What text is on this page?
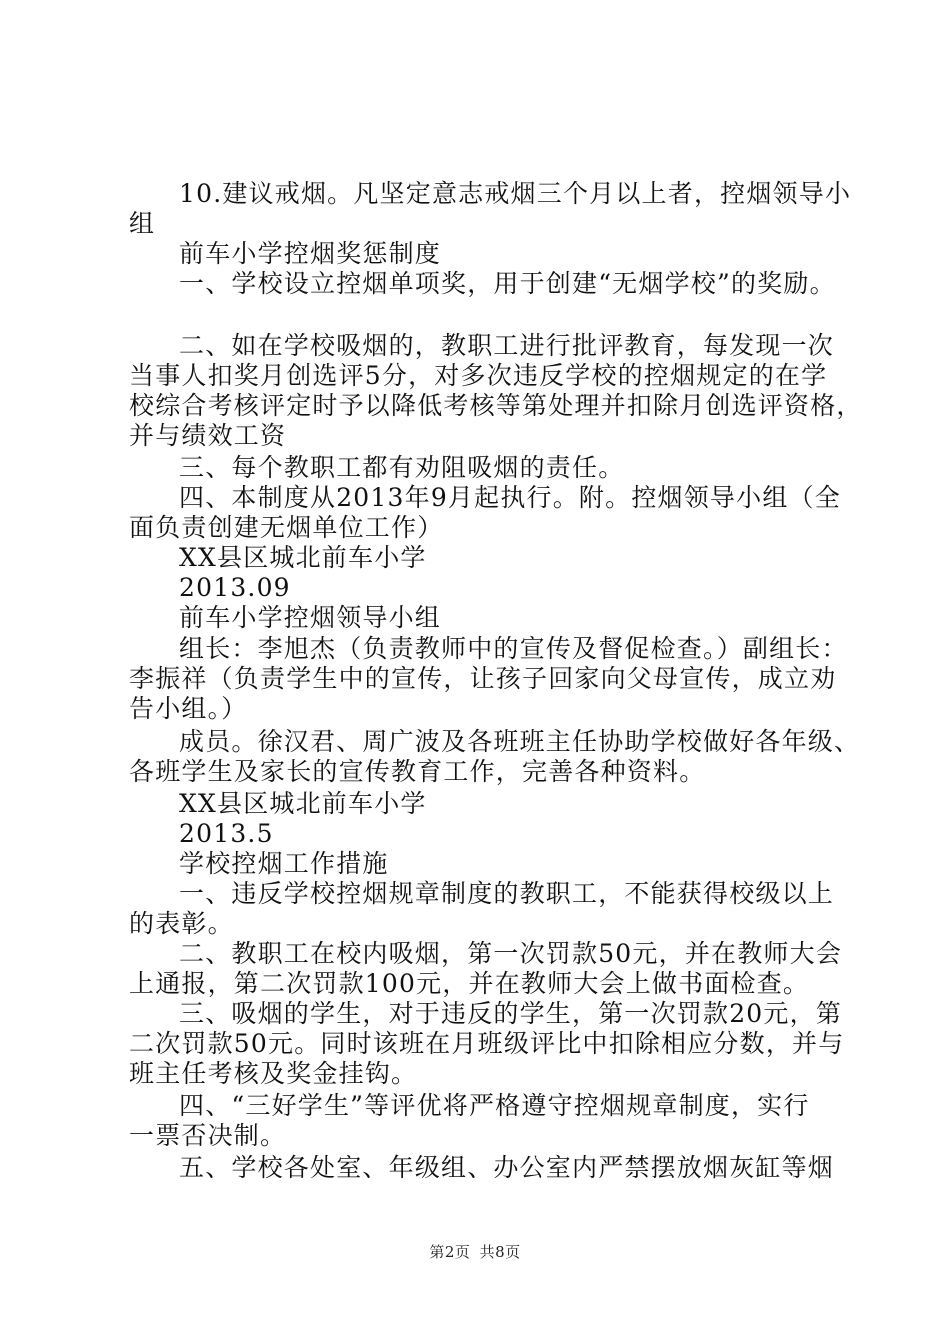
10.建议戒烟。凡坚定意志戒烟三个月以上者，控烟领导小
组
前车小学控烟奖惩制度
一、学校设立控烟单项奖，用于创建“无烟学校”的奖励。
二、如在学校吸烟的，教职工进行批评教育，每发现一次
当事人扣奖月创选评5分，对多次违反学校的控烟规定的在学
校综合考核评定时予以降低考核等第处理并扣除月创选评资格，
并与绩效工资
三、每个教职工都有劝阻吸烟的责任。
四、本制度从2013年9月起执行。附。控烟领导小组（全
面负责创建无烟单位工作）
XX县区城北前车小学
2013.09
前车小学控烟领导小组
组长：李旭杰（负责教师中的宣传及督促检查。）副组长：
李振祥（负责学生中的宣传，让孩子回家向父母宣传，成立劝
告小组。）
成员。徐汉君、周广波及各班班主任协助学校做好各年级、
各班学生及家长的宣传教育工作，完善各种资料。
XX县区城北前车小学
2013.5
学校控烟工作措施
一、违反学校控烟规章制度的教职工，不能获得校级以上
的表彰。
二、教职工在校内吸烟，第一次罚款50元，并在教师大会
上通报，第二次罚款100元，并在教师大会上做书面检查。
三、吸烟的学生，对于违反的学生，第一次罚款20元，第
二次罚款50元。同时该班在月班级评比中扣除相应分数，并与
班主任考核及奖金挂钩。
四、“三好学生”等评优将严格遵守控烟规章制度，实行
一票否决制。
五、学校各处室、年级组、办公室内严禁摆放烟灰缸等烟
第2页 共8页
